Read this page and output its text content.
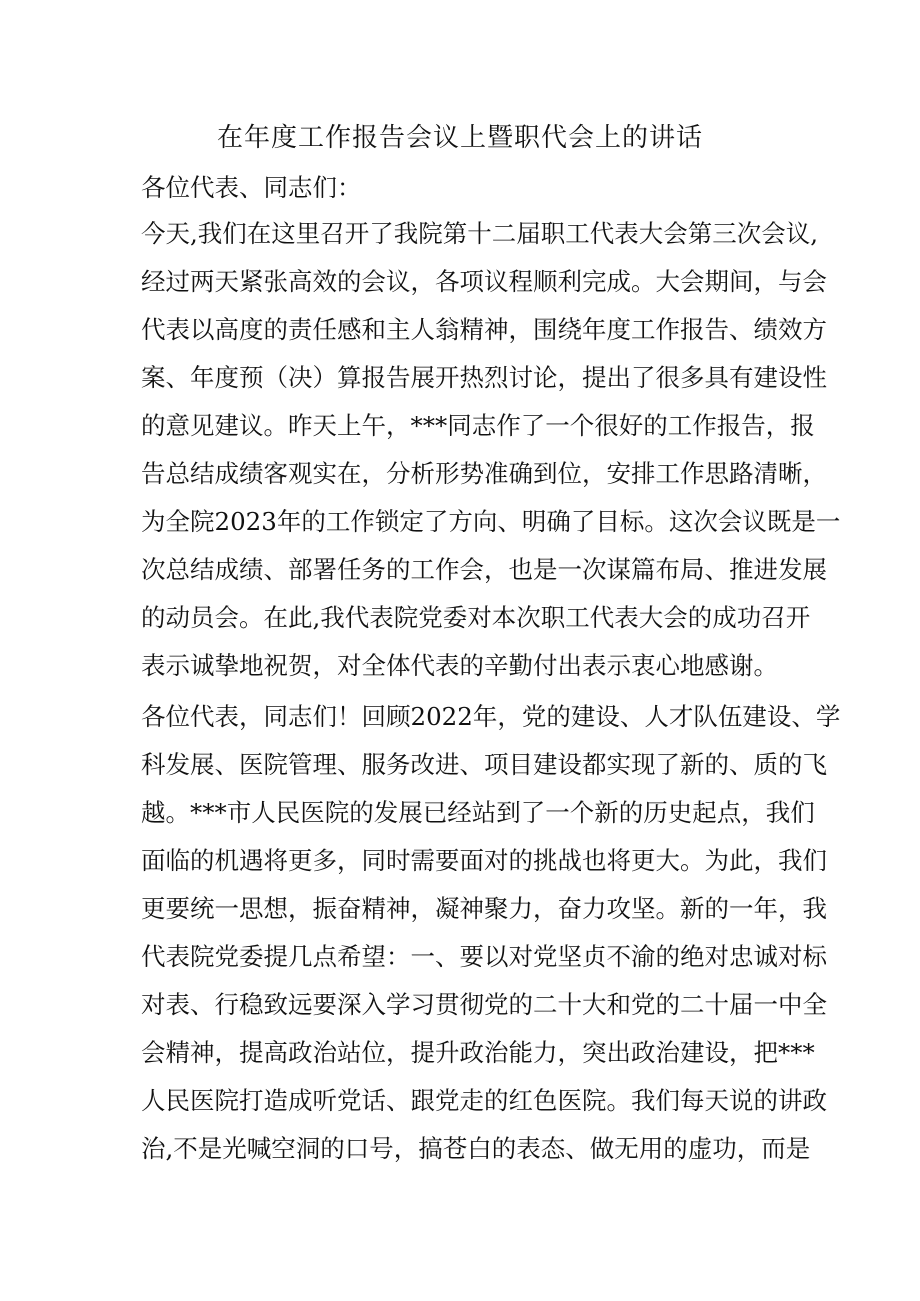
在年度工作报告会议上暨职代会上的讲话
各位代表、同志们：
今天,我们在这里召开了我院第十二届职工代表大会第三次会议,
经过两天紧张高效的会议，各项议程顺利完成。大会期间，与会
代表以高度的责任感和主人翁精神，围绕年度工作报告、绩效方
案、年度预（决）算报告展开热烈讨论，提出了很多具有建设性
的意见建议。昨天上午，***同志作了一个很好的工作报告，报
告总结成绩客观实在，分析形势准确到位，安排工作思路清晰，
为全院2023年的工作锁定了方向、明确了目标。这次会议既是一
次总结成绩、部署任务的工作会，也是一次谋篇布局、推进发展
的动员会。在此,我代表院党委对本次职工代表大会的成功召开
表示诚挚地祝贺，对全体代表的辛勤付出表示衷心地感谢。
各位代表，同志们！回顾2022年，党的建设、人才队伍建设、学
科发展、医院管理、服务改进、项目建设都实现了新的、质的飞
越。***市人民医院的发展已经站到了一个新的历史起点，我们
面临的机遇将更多，同时需要面对的挑战也将更大。为此，我们
更要统一思想，振奋精神，凝神聚力，奋力攻坚。新的一年，我
代表院党委提几点希望：一、要以对党坚贞不渝的绝对忠诚对标
对表、行稳致远要深入学习贯彻党的二十大和党的二十届一中全
会精神，提高政治站位，提升政治能力，突出政治建设，把***
人民医院打造成听党话、跟党走的红色医院。我们每天说的讲政
治,不是光喊空洞的口号，搞苍白的表态、做无用的虚功，而是
